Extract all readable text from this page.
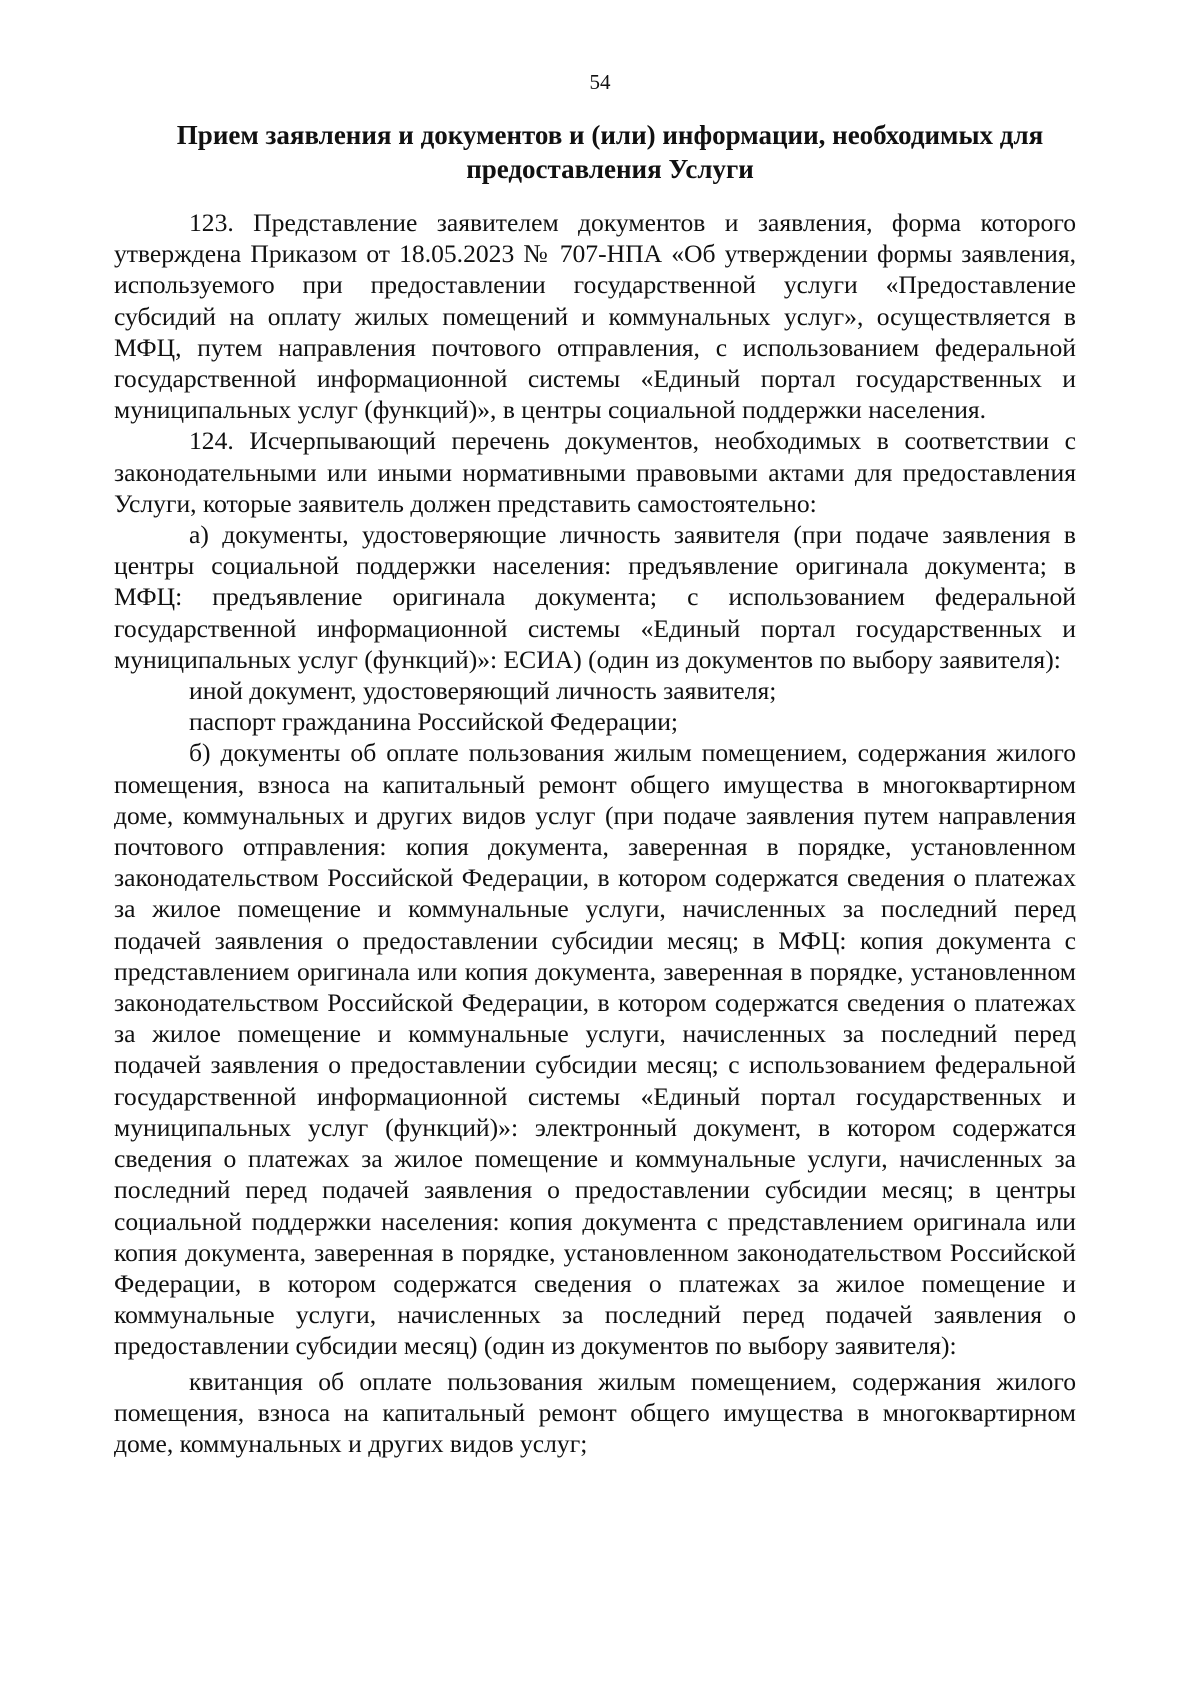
54
Прием заявления и документов и (или) информации, необходимых для предоставления Услуги

123. Представление заявителем документов и заявления, форма которого утверждена Приказом от 18.05.2023 № 707-НПА «Об утверждении формы заявления, используемого при предоставлении государственной услуги «Предоставление субсидий на оплату жилых помещений и коммунальных услуг», осуществляется в МФЦ, путем направления почтового отправления, с использованием федеральной государственной информационной системы «Единый портал государственных и муниципальных услуг (функций)», в центры социальной поддержки населения.

124. Исчерпывающий перечень документов, необходимых в соответствии с законодательными или иными нормативными правовыми актами для предоставления Услуги, которые заявитель должен представить самостоятельно:

а) документы, удостоверяющие личность заявителя (при подаче заявления в центры социальной поддержки населения: предъявление оригинала документа; в МФЦ: предъявление оригинала документа; с использованием федеральной государственной информационной системы «Единый портал государственных и муниципальных услуг (функций)»: ЕСИА) (один из документов по выбору заявителя):

иной документ, удостоверяющий личность заявителя;

паспорт гражданина Российской Федерации;

б) документы об оплате пользования жилым помещением, содержания жилого помещения, взноса на капитальный ремонт общего имущества в многоквартирном доме, коммунальных и других видов услуг (при подаче заявления путем направления почтового отправления: копия документа, заверенная в порядке, установленном законодательством Российской Федерации, в котором содержатся сведения о платежах за жилое помещение и коммунальные услуги, начисленных за последний перед подачей заявления о предоставлении субсидии месяц; в МФЦ: копия документа с представлением оригинала или копия документа, заверенная в порядке, установленном законодательством Российской Федерации, в котором содержатся сведения о платежах за жилое помещение и коммунальные услуги, начисленных за последний перед подачей заявления о предоставлении субсидии месяц; с использованием федеральной государственной информационной системы «Единый портал государственных и муниципальных услуг (функций)»: электронный документ, в котором содержатся сведения о платежах за жилое помещение и коммунальные услуги, начисленных за последний перед подачей заявления о предоставлении субсидии месяц; в центры социальной поддержки населения: копия документа с представлением оригинала или копия документа, заверенная в порядке, установленном законодательством Российской Федерации, в котором содержатся сведения о платежах за жилое помещение и коммунальные услуги, начисленных за последний перед подачей заявления о предоставлении субсидии месяц) (один из документов по выбору заявителя):

квитанция об оплате пользования жилым помещением, содержания жилого помещения, взноса на капитальный ремонт общего имущества в многоквартирном доме, коммунальных и других видов услуг;
